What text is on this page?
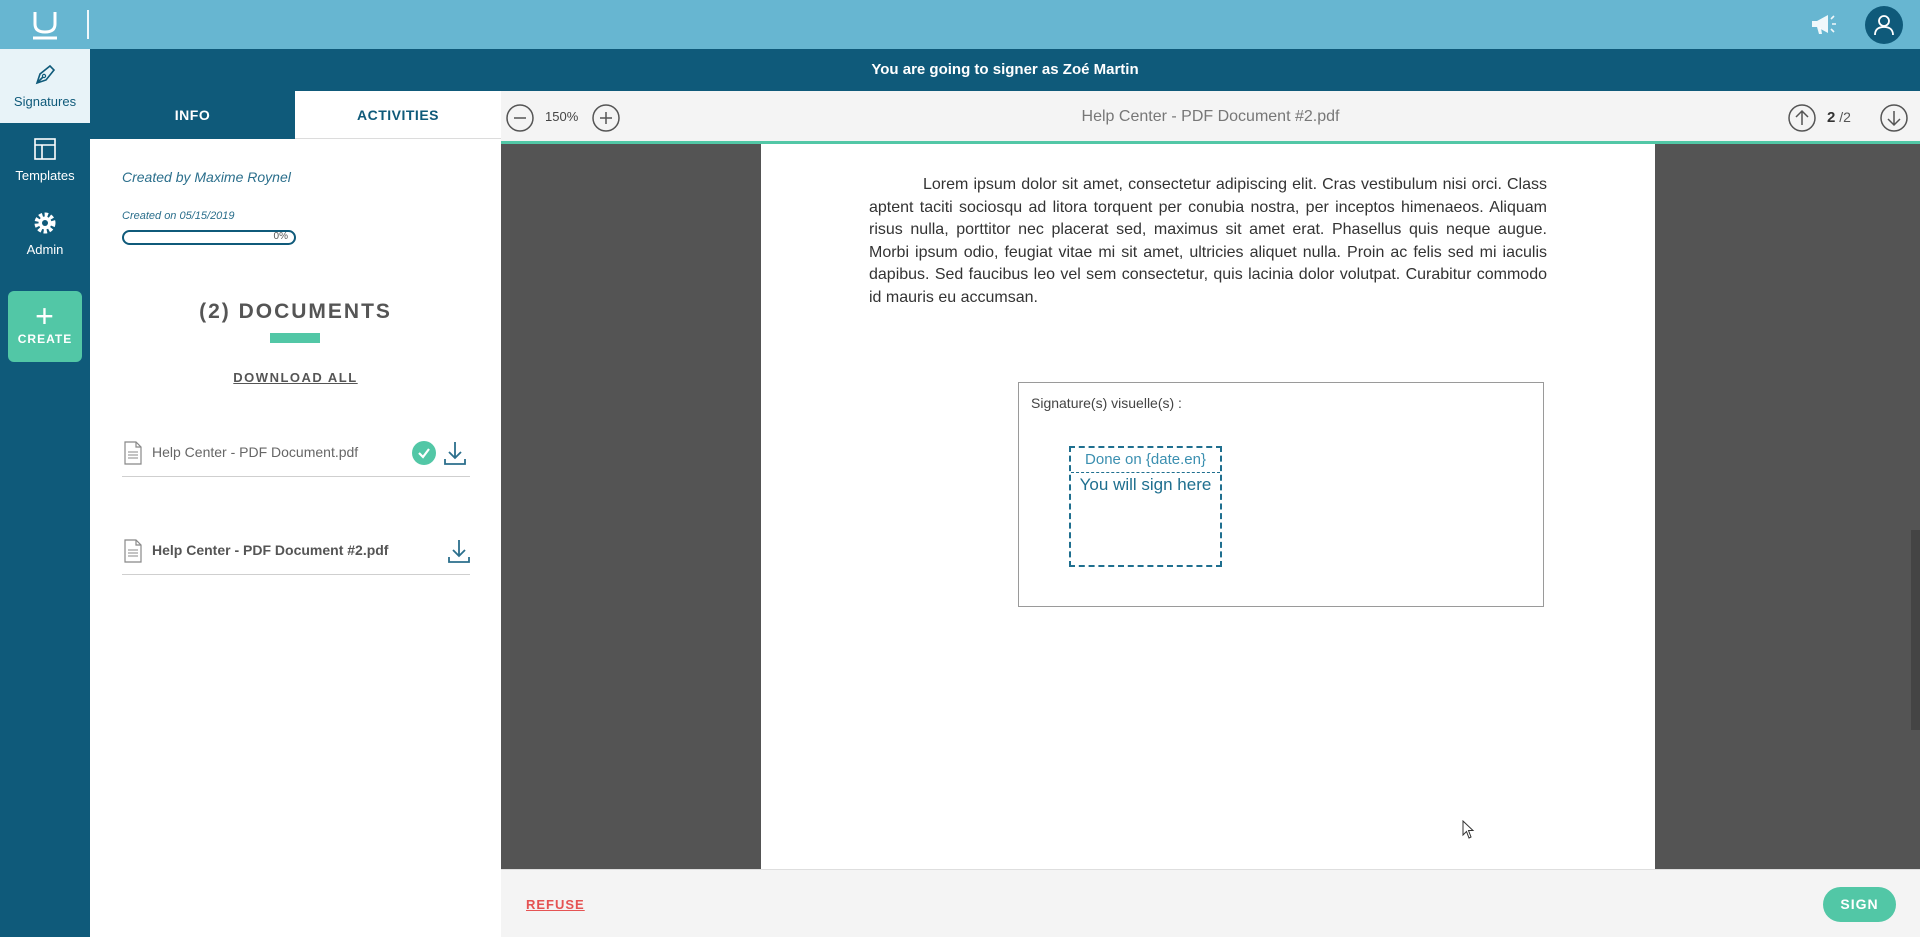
Signatures
Templates
Admin
+
CREATE
You are going to signer as Zoé Martin
INFO	ACTIVITIES
Created by Maxime Roynel
Created on 05/15/2019
0%
(2) DOCUMENTS
DOWNLOAD ALL
Help Center - PDF Document.pdf
Help Center - PDF Document #2.pdf
Help Center - PDF Document #2.pdf
150%	2 /2

Lorem ipsum dolor sit amet, consectetur adipiscing elit. Cras vestibulum nisi orci. Class aptent taciti sociosqu ad litora torquent per conubia nostra, per inceptos himenaeos. Aliquam risus nulla, porttitor nec placerat sed, maximus sit amet erat. Phasellus quis neque augue. Morbi ipsum odio, feugiat vitae mi sit amet, ultricies aliquet nulla. Proin ac felis sed mi iaculis dapibus. Sed faucibus leo vel sem consectetur, quis lacinia dolor volutpat. Curabitur commodo id mauris eu accumsan.

Signature(s) visuelle(s) :
Done on {date.en}
You will sign here
REFUSE	SIGN
